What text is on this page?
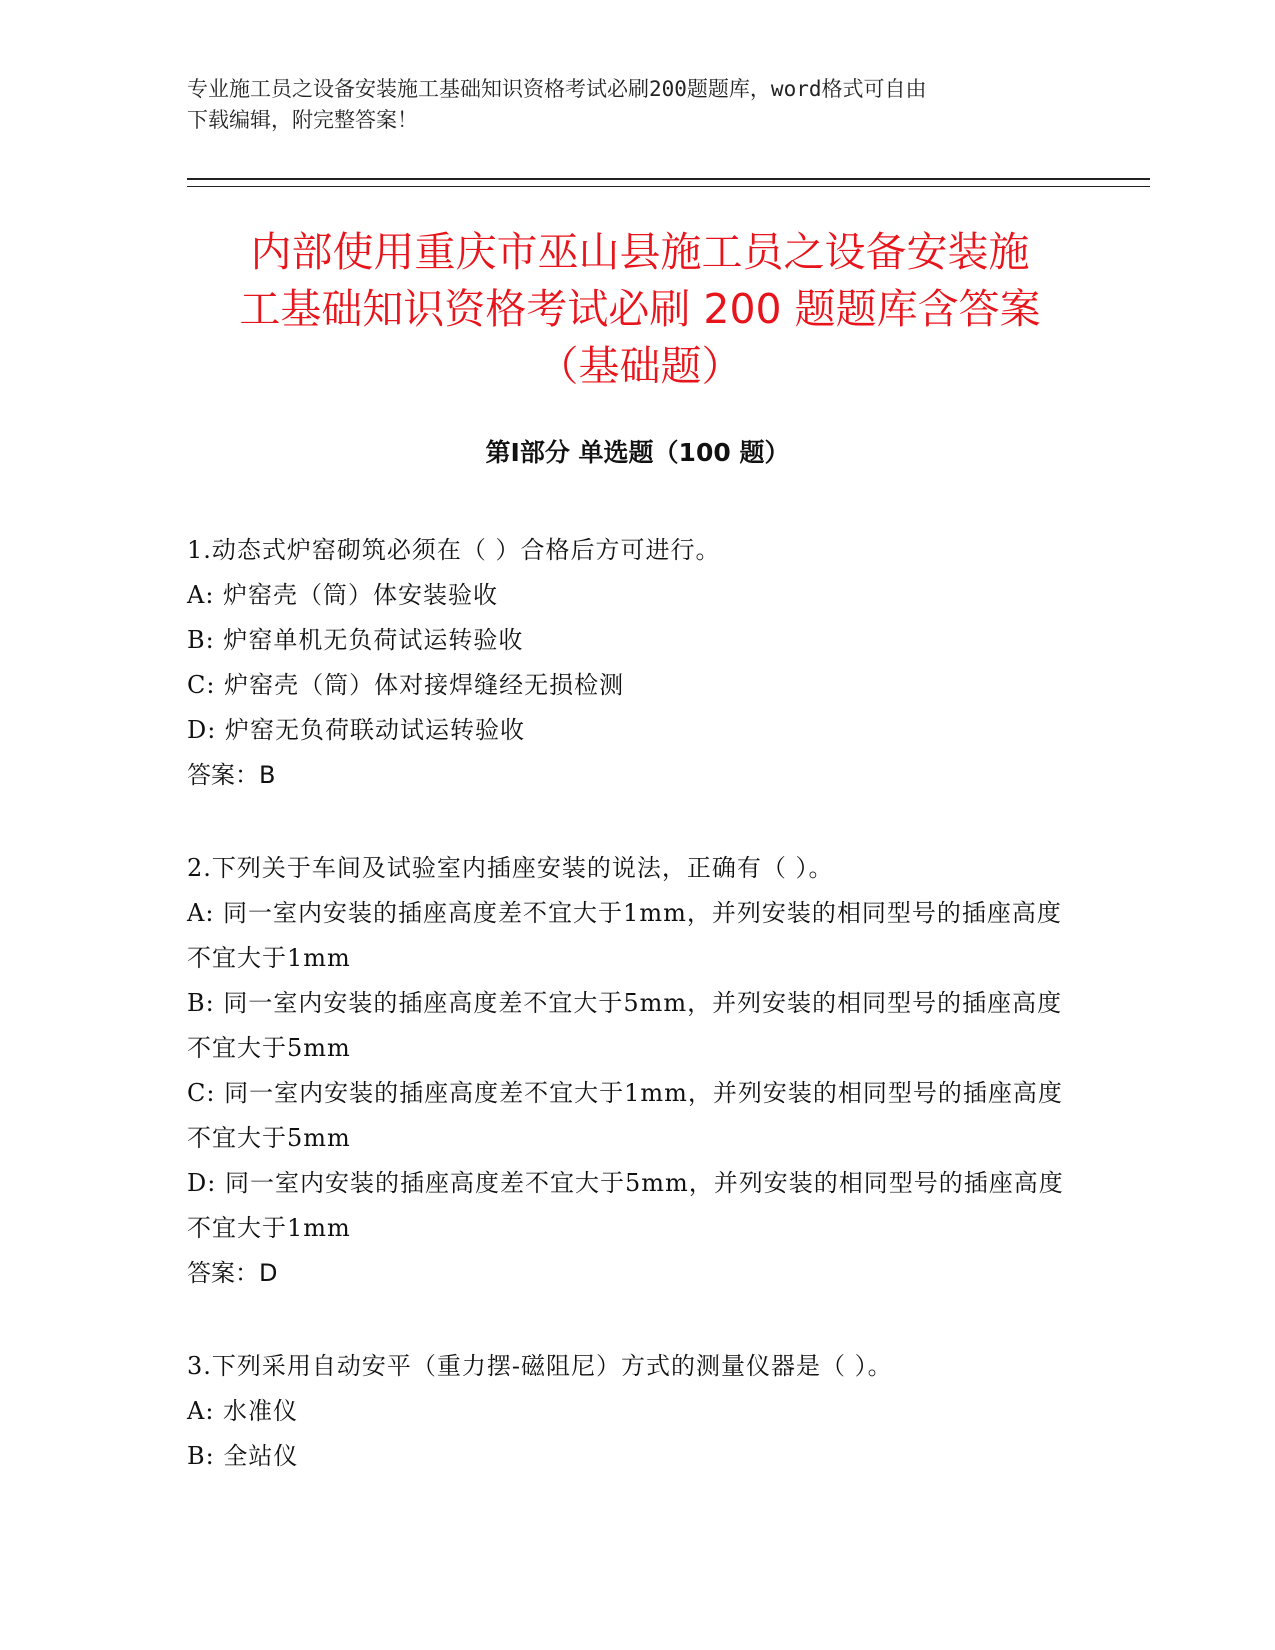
专业施工员之设备安装施工基础知识资格考试必刷200题题库，word格式可自由
下载编辑，附完整答案！
内部使用重庆市巫山县施工员之设备安装施
工基础知识资格考试必刷 200 题题库含答案
（基础题）
第Ⅰ部分 单选题（100 题）
1.动态式炉窑砌筑必须在（ ）合格后方可进行。
A: 炉窑壳（筒）体安装验收
B: 炉窑单机无负荷试运转验收
C: 炉窑壳（筒）体对接焊缝经无损检测
D: 炉窑无负荷联动试运转验收
答案：B
2.下列关于车间及试验室内插座安装的说法，正确有（ ）。
A: 同一室内安装的插座高度差不宜大于1mm，并列安装的相同型号的插座高度不宜大于1mm
B: 同一室内安装的插座高度差不宜大于5mm，并列安装的相同型号的插座高度不宜大于5mm
C: 同一室内安装的插座高度差不宜大于1mm，并列安装的相同型号的插座高度不宜大于5mm
D: 同一室内安装的插座高度差不宜大于5mm，并列安装的相同型号的插座高度不宜大于1mm
答案：D
3.下列采用自动安平（重力摆-磁阻尼）方式的测量仪器是（ ）。
A: 水准仪
B: 全站仪
